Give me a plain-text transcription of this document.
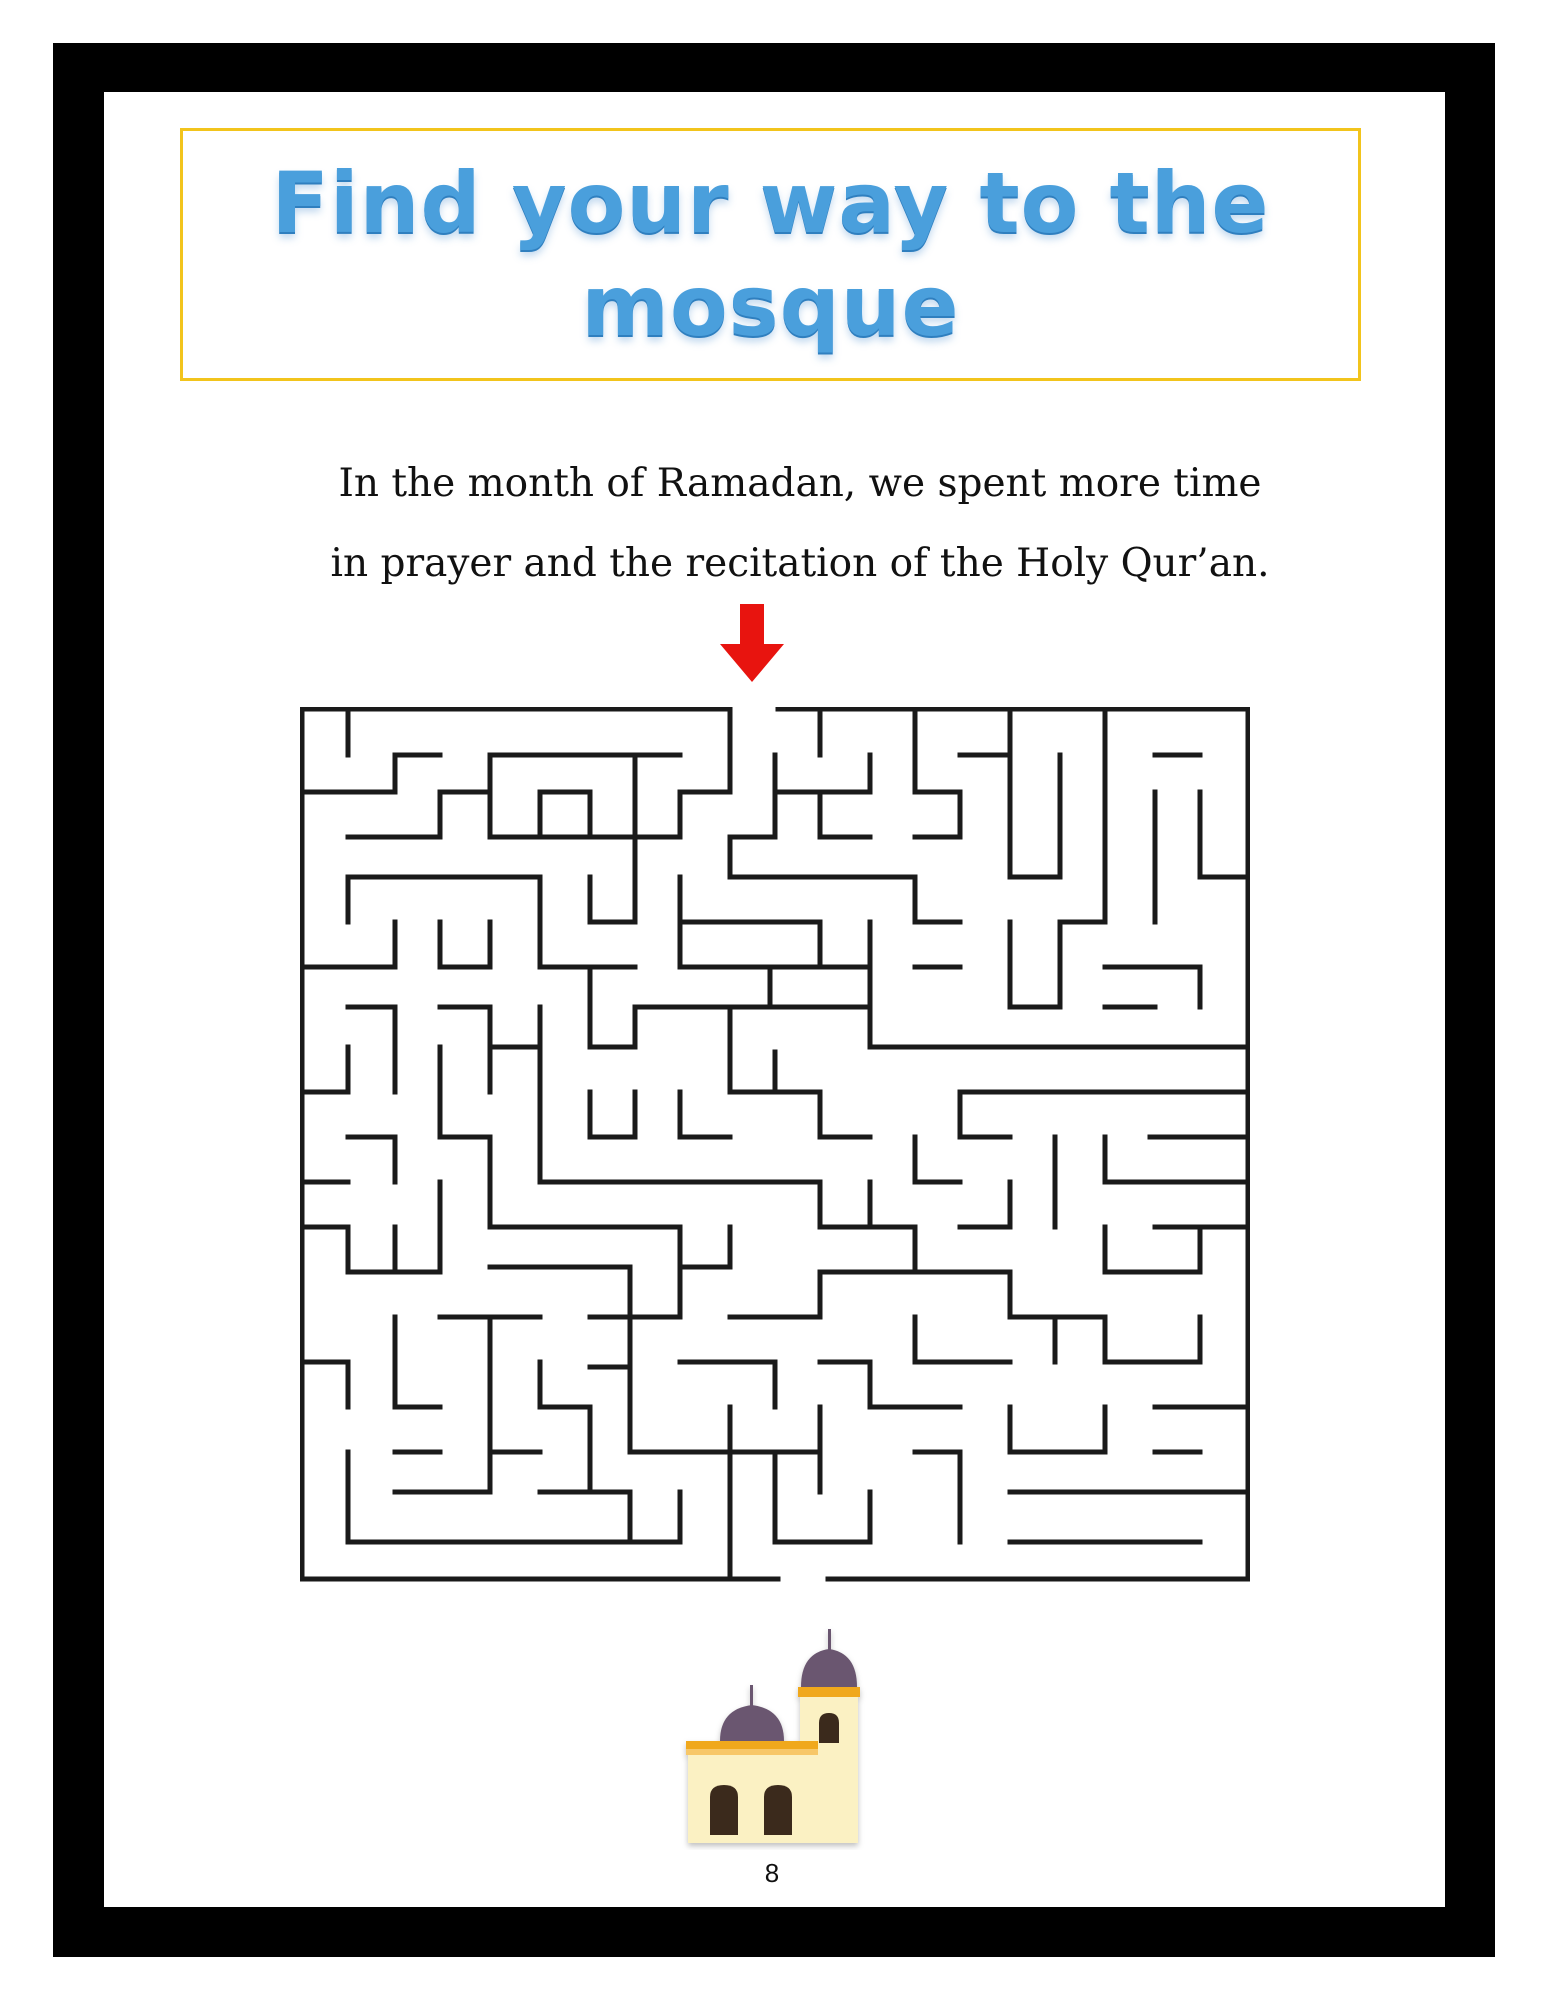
Find your way to the
mosque
In the month of Ramadan, we spent more time
in prayer and the recitation of the Holy Qur’an.
8
